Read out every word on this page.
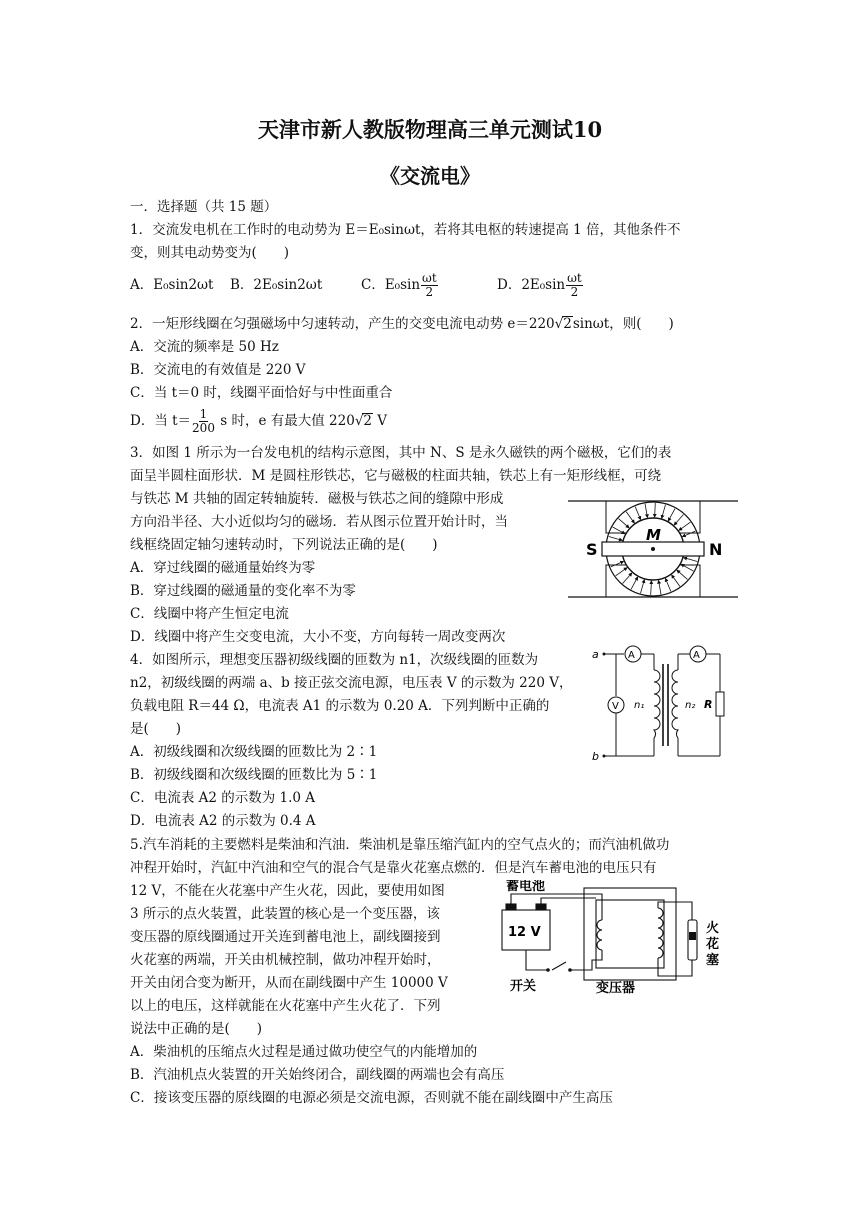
天津市新人教版物理高三单元测试10
《交流电》
一．选择题（共 15 题）
1．交流发电机在工作时的电动势为 E＝E₀sinωt，若将其电枢的转速提高 1 倍，其他条件不
变，则其电动势变为(　　)
A．E₀sin2ωt B．2E₀sin2ωt	C．$E_0\sin \frac{\omega t}{2}$	D．$2E_0\sin \frac{\omega t}{2}$
2．一矩形线圈在匀强磁场中匀速转动，产生的交变电流电动势 e＝220√2sinωt，则(　　)
A．交流的频率是 50 Hz
B．交流电的有效值是 220 V
C．当 t＝0 时，线圈平面恰好与中性面重合
D．当 $t= \frac{1}{200}$ s 时，e 有最大值 220√2 V
3．如图 1 所示为一台发电机的结构示意图，其中 N、S 是永久磁铁的两个磁极，它们的表
面呈半圆柱面形状．M 是圆柱形铁芯，它与磁极的柱面共轴，铁芯上有一矩形线框，可绕
与铁芯 M 共轴的固定转轴旋转．磁极与铁芯之间的缝隙中形成
方向沿半径、大小近似均匀的磁场．若从图示位置开始计时，当
线框绕固定轴匀速转动时，下列说法正确的是(　　)
A．穿过线圈的磁通量始终为零
B．穿过线圈的磁通量的变化率不为零
C．线圈中将产生恒定电流
D．线圈中将产生交变电流，大小不变，方向每转一周改变两次
M
S	N
4．如图所示，理想变压器初级线圈的匝数为 n1，次级线圈的匝数为
n2，初级线圈的两端 a、b 接正弦交流电源，电压表 V 的示数为 220 V，
负载电阻 R＝44 Ω，电流表 A1 的示数为 0.20 A．下列判断中正确的
是(　　)
A．初级线圈和次级线圈的匝数比为 2∶1
B．初级线圈和次级线圈的匝数比为 5∶1
C．电流表 A2 的示数为 1.0 A
D．电流表 A2 的示数为 0.4 A
a
b
A	A
V n₁	n₂ R
5.汽车消耗的主要燃料是柴油和汽油．柴油机是靠压缩汽缸内的空气点火的；而汽油机做功
冲程开始时，汽缸中汽油和空气的混合气是靠火花塞点燃的．但是汽车蓄电池的电压只有
12 V，不能在火花塞中产生火花，因此，要使用如图
3 所示的点火装置，此装置的核心是一个变压器，该
变压器的原线圈通过开关连到蓄电池上，副线圈接到
火花塞的两端，开关由机械控制，做功冲程开始时，
开关由闭合变为断开，从而在副线圈中产生 10000 V
以上的电压，这样就能在火花塞中产生火花了．下列
说法中正确的是(　　)
A．柴油机的压缩点火过程是通过做功使空气的内能增加的
B．汽油机点火装置的开关始终闭合，副线圈的两端也会有高压
C．接该变压器的原线圈的电源必须是交流电源，否则就不能在副线圈中产生高压
蓄电池
12 V
开关	变压器
火
花
塞
